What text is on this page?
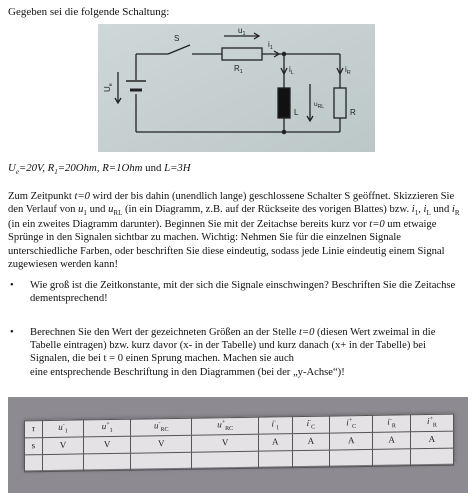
Gegeben sei die folgende Schaltung:
S
$u_1$
$i_1$
$R_1$
$U_e$
$i_L$	$i_R$
$u_{RL}$
L	R
$U_e=20V$, $R_1=20Ohm$, R=1Ohm und L=3H
Zum Zeitpunkt t=0 wird der bis dahin (unendlich lange) geschlossene Schalter S geöffnet. Skizzieren Sie den Verlauf von $u_1$ und $u_{RL}$ (in ein Diagramm, z.B. auf der Rückseite des vorigen Blattes) bzw. $i_1$, $i_L$ und $i_R$ (in ein zweites Diagramm darunter). Beginnen Sie mit der Zeitachse bereits kurz vor t=0 um etwaige Sprünge in den Signalen sichtbar zu machen. Wichtig: Nehmen Sie für die einzelnen Signale unterschiedliche Farben, oder beschriften Sie diese eindeutig, sodass jede Linie eindeutig einem Signal zugewiesen werden kann!
• Wie groß ist die Zeitkonstante, mit der sich die Signale einschwingen? Beschriften Sie die Zeitachse dementsprechend!
• Berechnen Sie den Wert der gezeichneten Größen an der Stelle t=0 (diesen Wert zweimal in die Tabelle eintragen) bzw. kurz davor (x- in der Tabelle) und kurz danach (x+ in der Tabelle) bei Signalen, die bei t = 0 einen Sprung machen. Machen sie auch
eine entsprechende Beschriftung in den Diagrammen (bei der „y-Achse“)!
τ	$u^-_1$	$u^+_1$	$u^-_{RC}$	$u^+_{RC}$	$i^-_1$	$i^-_C$	$i^+_C$	$i^-_R$	$i^+_R$
s	V	V	V	V	A	A	A	A	A
